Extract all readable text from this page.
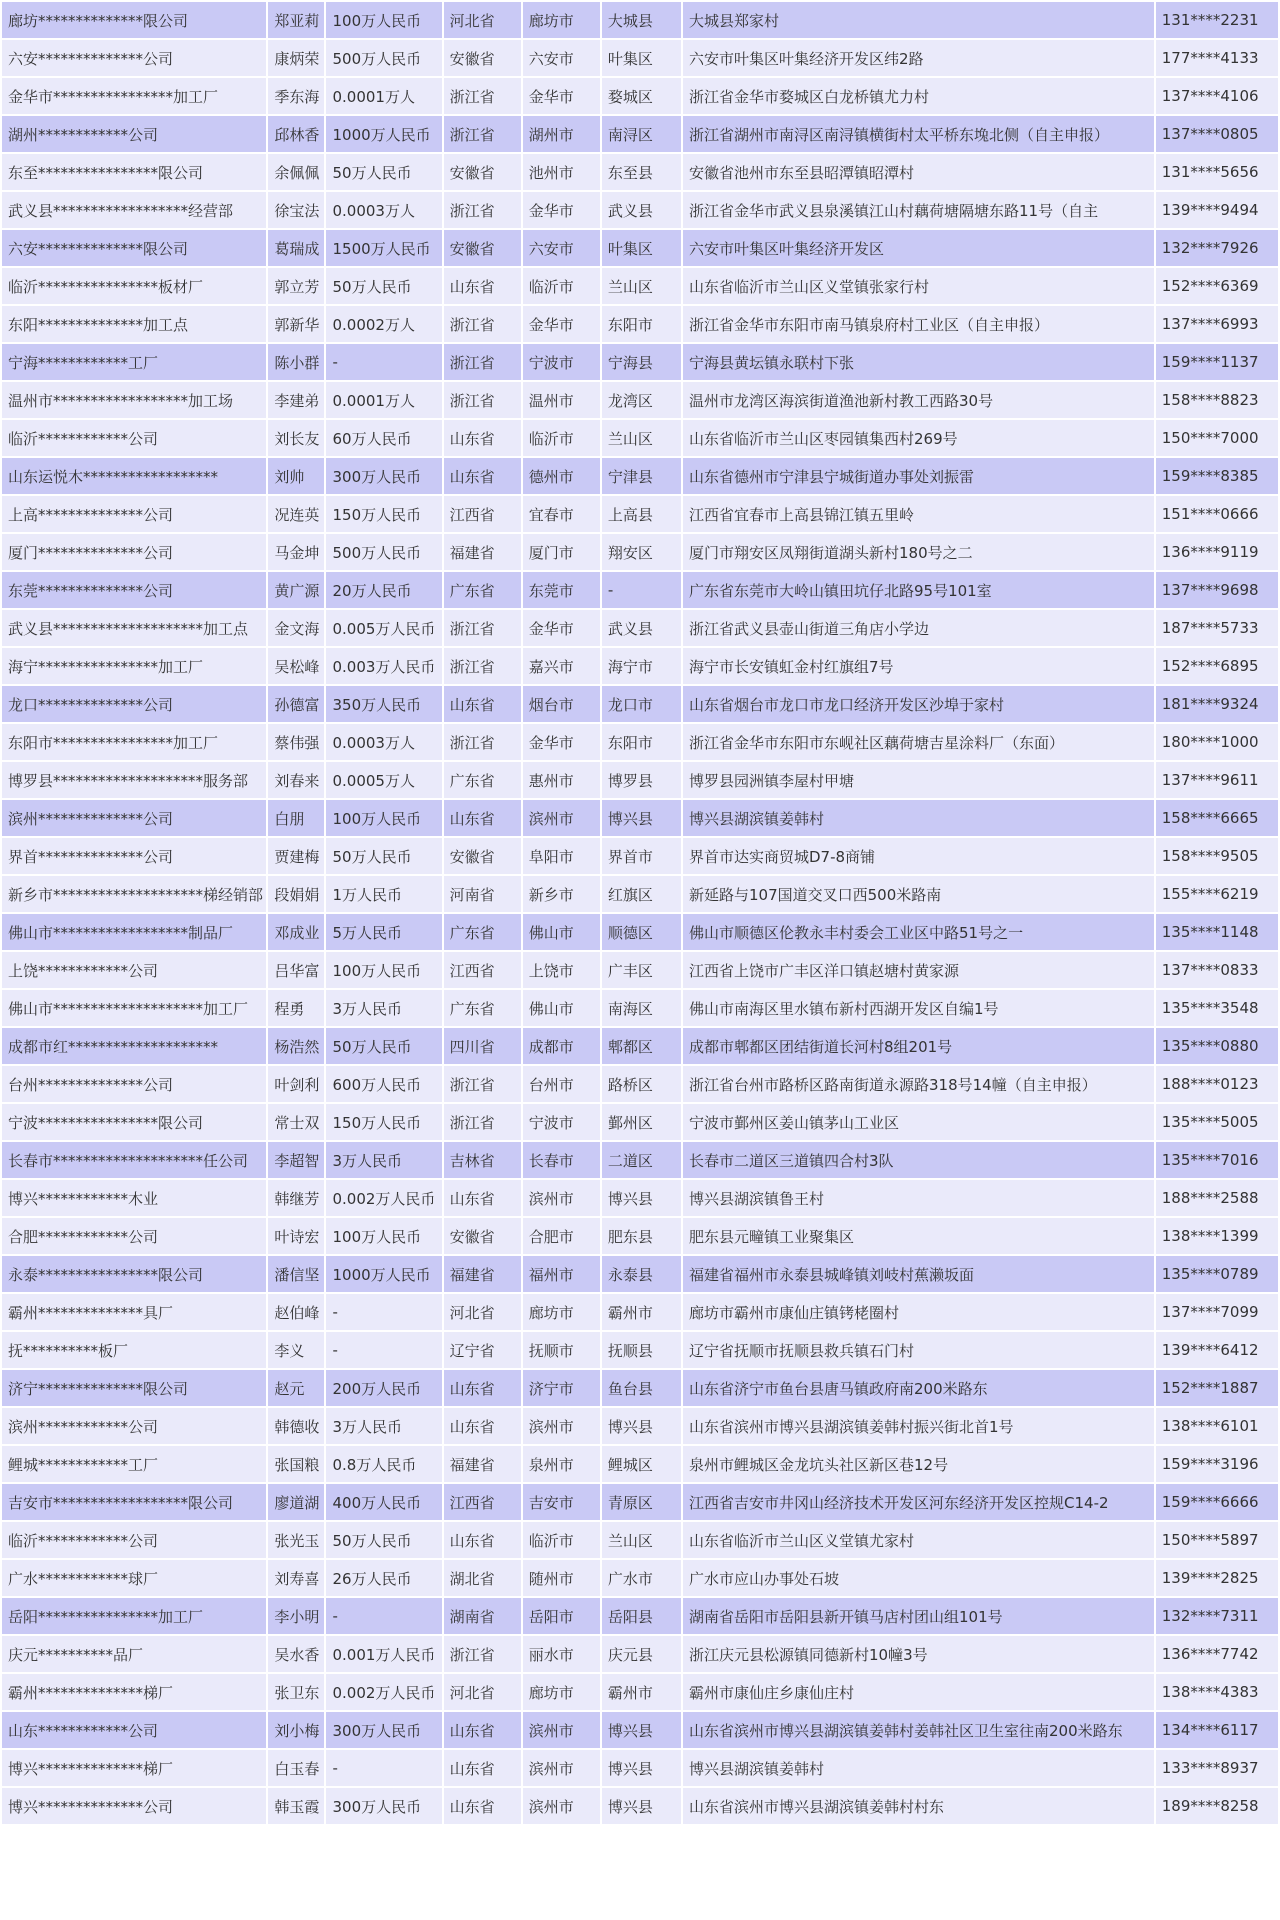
廊坊**************限公司	郑亚莉	100万人民币	河北省	廊坊市	大城县	大城县郑家村	131****2231
六安**************公司	康炳荣	500万人民币	安徽省	六安市	叶集区	六安市叶集区叶集经济开发区纬2路	177****4133
金华市****************加工厂	季东海	0.0001万人	浙江省	金华市	婺城区	浙江省金华市婺城区白龙桥镇尤力村	137****4106
湖州************公司	邱林香	1000万人民币	浙江省	湖州市	南浔区	浙江省湖州市南浔区南浔镇横街村太平桥东堍北侧（自主申报）	137****0805
东至****************限公司	余佩佩	50万人民币	安徽省	池州市	东至县	安徽省池州市东至县昭潭镇昭潭村	131****5656
武义县******************经营部	徐宝法	0.0003万人	浙江省	金华市	武义县	浙江省金华市武义县泉溪镇江山村藕荷塘隔塘东路11号（自主	139****9494
六安**************限公司	葛瑞成	1500万人民币	安徽省	六安市	叶集区	六安市叶集区叶集经济开发区	132****7926
临沂****************板材厂	郭立芳	50万人民币	山东省	临沂市	兰山区	山东省临沂市兰山区义堂镇张家行村	152****6369
东阳**************加工点	郭新华	0.0002万人	浙江省	金华市	东阳市	浙江省金华市东阳市南马镇泉府村工业区（自主申报）	137****6993
宁海************工厂	陈小群	-	浙江省	宁波市	宁海县	宁海县黄坛镇永联村下张	159****1137
温州市******************加工场	李建弟	0.0001万人	浙江省	温州市	龙湾区	温州市龙湾区海滨街道渔池新村教工西路30号	158****8823
临沂************公司	刘长友	60万人民币	山东省	临沂市	兰山区	山东省临沂市兰山区枣园镇集西村269号	150****7000
山东运悦木******************	刘帅	300万人民币	山东省	德州市	宁津县	山东省德州市宁津县宁城街道办事处刘振雷	159****8385
上高**************公司	况连英	150万人民币	江西省	宜春市	上高县	江西省宜春市上高县锦江镇五里岭	151****0666
厦门**************公司	马金坤	500万人民币	福建省	厦门市	翔安区	厦门市翔安区凤翔街道湖头新村180号之二	136****9119
东莞**************公司	黄广源	20万人民币	广东省	东莞市	-	广东省东莞市大岭山镇田坑仔北路95号101室	137****9698
武义县********************加工点	金文海	0.005万人民币	浙江省	金华市	武义县	浙江省武义县壶山街道三角店小学边	187****5733
海宁****************加工厂	吴松峰	0.003万人民币	浙江省	嘉兴市	海宁市	海宁市长安镇虹金村红旗组7号	152****6895
龙口**************公司	孙德富	350万人民币	山东省	烟台市	龙口市	山东省烟台市龙口市龙口经济开发区沙埠于家村	181****9324
东阳市****************加工厂	蔡伟强	0.0003万人	浙江省	金华市	东阳市	浙江省金华市东阳市东岘社区藕荷塘吉星涂料厂（东面）	180****1000
博罗县********************服务部	刘春来	0.0005万人	广东省	惠州市	博罗县	博罗县园洲镇李屋村甲塘	137****9611
滨州**************公司	白朋	100万人民币	山东省	滨州市	博兴县	博兴县湖滨镇姜韩村	158****6665
界首**************公司	贾建梅	50万人民币	安徽省	阜阳市	界首市	界首市达实商贸城D7-8商铺	158****9505
新乡市********************梯经销部	段娟娟	1万人民币	河南省	新乡市	红旗区	新延路与107国道交叉口西500米路南	155****6219
佛山市******************制品厂	邓成业	5万人民币	广东省	佛山市	顺德区	佛山市顺德区伦教永丰村委会工业区中路51号之一	135****1148
上饶************公司	吕华富	100万人民币	江西省	上饶市	广丰区	江西省上饶市广丰区洋口镇赵塘村黄家源	137****0833
佛山市********************加工厂	程勇	3万人民币	广东省	佛山市	南海区	佛山市南海区里水镇布新村西湖开发区自编1号	135****3548
成都市红********************	杨浩然	50万人民币	四川省	成都市	郫都区	成都市郫都区团结街道长河村8组201号	135****0880
台州**************公司	叶剑利	600万人民币	浙江省	台州市	路桥区	浙江省台州市路桥区路南街道永源路318号14幢（自主申报）	188****0123
宁波****************限公司	常士双	150万人民币	浙江省	宁波市	鄞州区	宁波市鄞州区姜山镇茅山工业区	135****5005
长春市********************任公司	李超智	3万人民币	吉林省	长春市	二道区	长春市二道区三道镇四合村3队	135****7016
博兴************木业	韩继芳	0.002万人民币	山东省	滨州市	博兴县	博兴县湖滨镇鲁王村	188****2588
合肥************公司	叶诗宏	100万人民币	安徽省	合肥市	肥东县	肥东县元疃镇工业聚集区	138****1399
永泰****************限公司	潘信坚	1000万人民币	福建省	福州市	永泰县	福建省福州市永泰县城峰镇刘岐村蕉濑坂面	135****0789
霸州**************具厂	赵伯峰	-	河北省	廊坊市	霸州市	廊坊市霸州市康仙庄镇铐栳圈村	137****7099
抚**********板厂	李义	-	辽宁省	抚顺市	抚顺县	辽宁省抚顺市抚顺县救兵镇石门村	139****6412
济宁**************限公司	赵元	200万人民币	山东省	济宁市	鱼台县	山东省济宁市鱼台县唐马镇政府南200米路东	152****1887
滨州************公司	韩德收	3万人民币	山东省	滨州市	博兴县	山东省滨州市博兴县湖滨镇姜韩村振兴街北首1号	138****6101
鲤城************工厂	张国粮	0.8万人民币	福建省	泉州市	鲤城区	泉州市鲤城区金龙坑头社区新区巷12号	159****3196
吉安市******************限公司	廖道湖	400万人民币	江西省	吉安市	青原区	江西省吉安市井冈山经济技术开发区河东经济开发区控规C14-2	159****6666
临沂************公司	张光玉	50万人民币	山东省	临沂市	兰山区	山东省临沂市兰山区义堂镇尤家村	150****5897
广水************球厂	刘寿喜	26万人民币	湖北省	随州市	广水市	广水市应山办事处石坡	139****2825
岳阳****************加工厂	李小明	-	湖南省	岳阳市	岳阳县	湖南省岳阳市岳阳县新开镇马店村团山组101号	132****7311
庆元**********品厂	吴水香	0.001万人民币	浙江省	丽水市	庆元县	浙江庆元县松源镇同德新村10幢3号	136****7742
霸州**************梯厂	张卫东	0.002万人民币	河北省	廊坊市	霸州市	霸州市康仙庄乡康仙庄村	138****4383
山东************公司	刘小梅	300万人民币	山东省	滨州市	博兴县	山东省滨州市博兴县湖滨镇姜韩村姜韩社区卫生室往南200米路东	134****6117
博兴**************梯厂	白玉春	-	山东省	滨州市	博兴县	博兴县湖滨镇姜韩村	133****8937
博兴**************公司	韩玉霞	300万人民币	山东省	滨州市	博兴县	山东省滨州市博兴县湖滨镇姜韩村村东	189****8258
